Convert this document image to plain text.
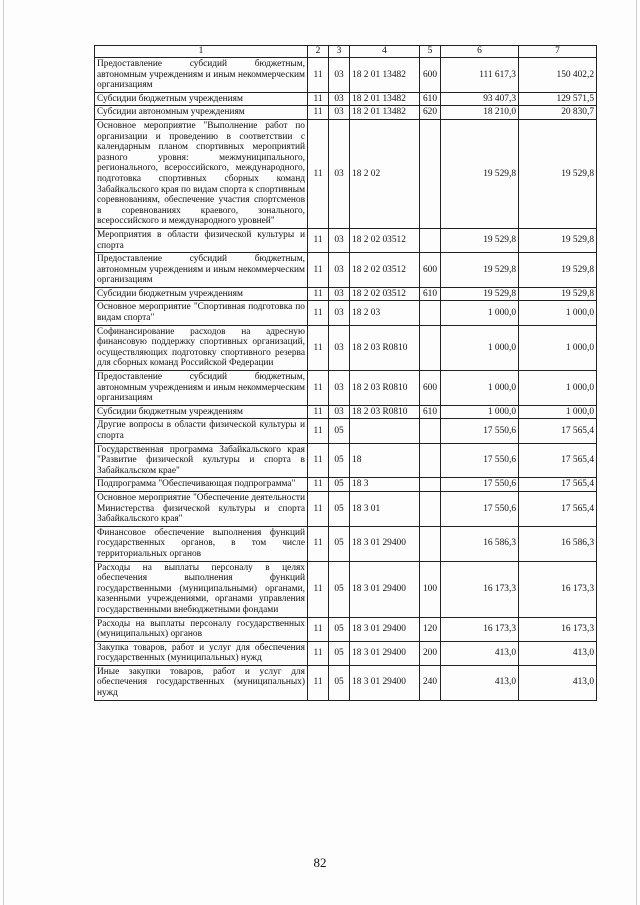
1	2	3	4	5	6	7
Предоставление субсидий бюджетным, автономным учреждениям и иным некоммерческим организациям	11	03	18 2 01 13482	600	111 617,3	150 402,2
Субсидии бюджетным учреждениям	11	03	18 2 01 13482	610	93 407,3	129 571,5
Субсидии автономным учреждениям	11	03	18 2 01 13482	620	18 210,0	20 830,7
Основное мероприятие "Выполнение работ по организации и проведению в соответствии с календарным планом спортивных мероприятий разного уровня: межмуниципального, регионального, всероссийского, международного, подготовка спортивных сборных команд Забайкальского края по видам спорта к спортивным соревнованиям, обеспечение участия спортсменов в соревнованиях краевого, зонального, всероссийского и международного уровней"	11	03	18 2 02		19 529,8	19 529,8
Мероприятия в области физической культуры и спорта	11	03	18 2 02 03512		19 529,8	19 529,8
Предоставление субсидий бюджетным, автономным учреждениям и иным некоммерческим организациям	11	03	18 2 02 03512	600	19 529,8	19 529,8
Субсидии бюджетным учреждениям	11	03	18 2 02 03512	610	19 529,8	19 529,8
Основное мероприятие "Спортивная подготовка по видам спорта"	11	03	18 2 03		1 000,0	1 000,0
Софинансирование расходов на адресную финансовую поддержку спортивных организаций, осуществляющих подготовку спортивного резерва для сборных команд Российской Федерации	11	03	18 2 03 R0810		1 000,0	1 000,0
Предоставление субсидий бюджетным, автономным учреждениям и иным некоммерческим организациям	11	03	18 2 03 R0810	600	1 000,0	1 000,0
Субсидии бюджетным учреждениям	11	03	18 2 03 R0810	610	1 000,0	1 000,0
Другие вопросы в области физической культуры и спорта	11	05			17 550,6	17 565,4
Государственная программа Забайкальского края "Развитие физической культуры и спорта в Забайкальском крае"	11	05	18		17 550,6	17 565,4
Подпрограмма "Обеспечивающая подпрограмма"	11	05	18 3		17 550,6	17 565,4
Основное мероприятие "Обеспечение деятельности Министерства физической культуры и спорта Забайкальского края"	11	05	18 3 01		17 550,6	17 565,4
Финансовое обеспечение выполнения функций государственных органов, в том числе территориальных органов	11	05	18 3 01 29400		16 586,3	16 586,3
Расходы на выплаты персоналу в целях обеспечения выполнения функций государственными (муниципальными) органами, казенными учреждениями, органами управления государственными внебюджетными фондами	11	05	18 3 01 29400	100	16 173,3	16 173,3
Расходы на выплаты персоналу государственных (муниципальных) органов	11	05	18 3 01 29400	120	16 173,3	16 173,3
Закупка товаров, работ и услуг для обеспечения государственных (муниципальных) нужд	11	05	18 3 01 29400	200	413,0	413,0
Иные закупки товаров, работ и услуг для обеспечения государственных (муниципальных) нужд	11	05	18 3 01 29400	240	413,0	413,0
82
